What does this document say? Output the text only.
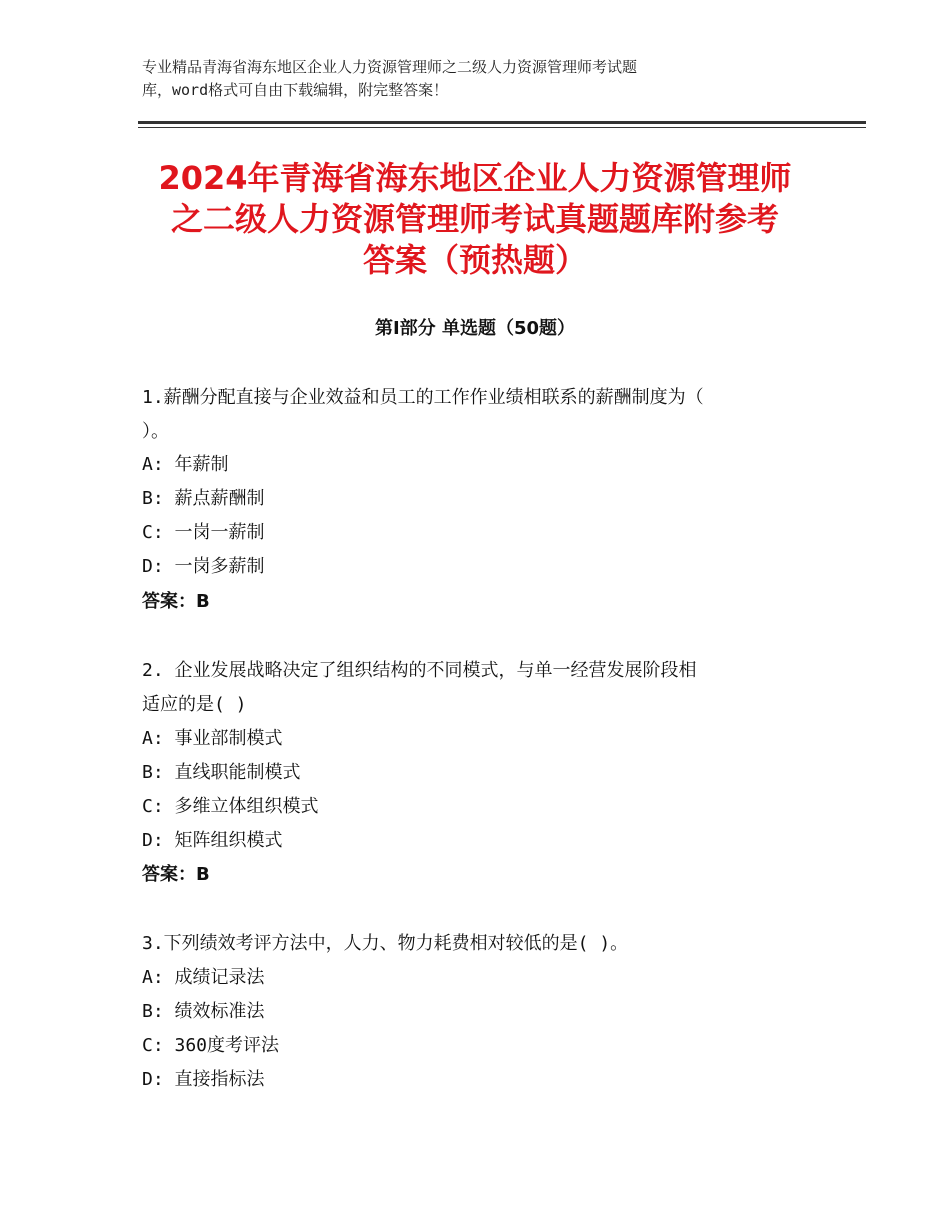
专业精品青海省海东地区企业人力资源管理师之二级人力资源管理师考试题
库，word格式可自由下载编辑，附完整答案！
2024年青海省海东地区企业人力资源管理师
之二级人力资源管理师考试真题题库附参考
答案（预热题）
第Ⅰ部分 单选题（50题）
1.薪酬分配直接与企业效益和员工的工作作业绩相联系的薪酬制度为（
）。
A: 年薪制
B: 薪点薪酬制
C: 一岗一薪制
D: 一岗多薪制
答案：B
2. 企业发展战略决定了组织结构的不同模式，与单一经营发展阶段相
适应的是( )
A: 事业部制模式
B: 直线职能制模式
C: 多维立体组织模式
D: 矩阵组织模式
答案：B
3.下列绩效考评方法中，人力、物力耗费相对较低的是( )。
A: 成绩记录法
B: 绩效标准法
C: 360度考评法
D: 直接指标法
